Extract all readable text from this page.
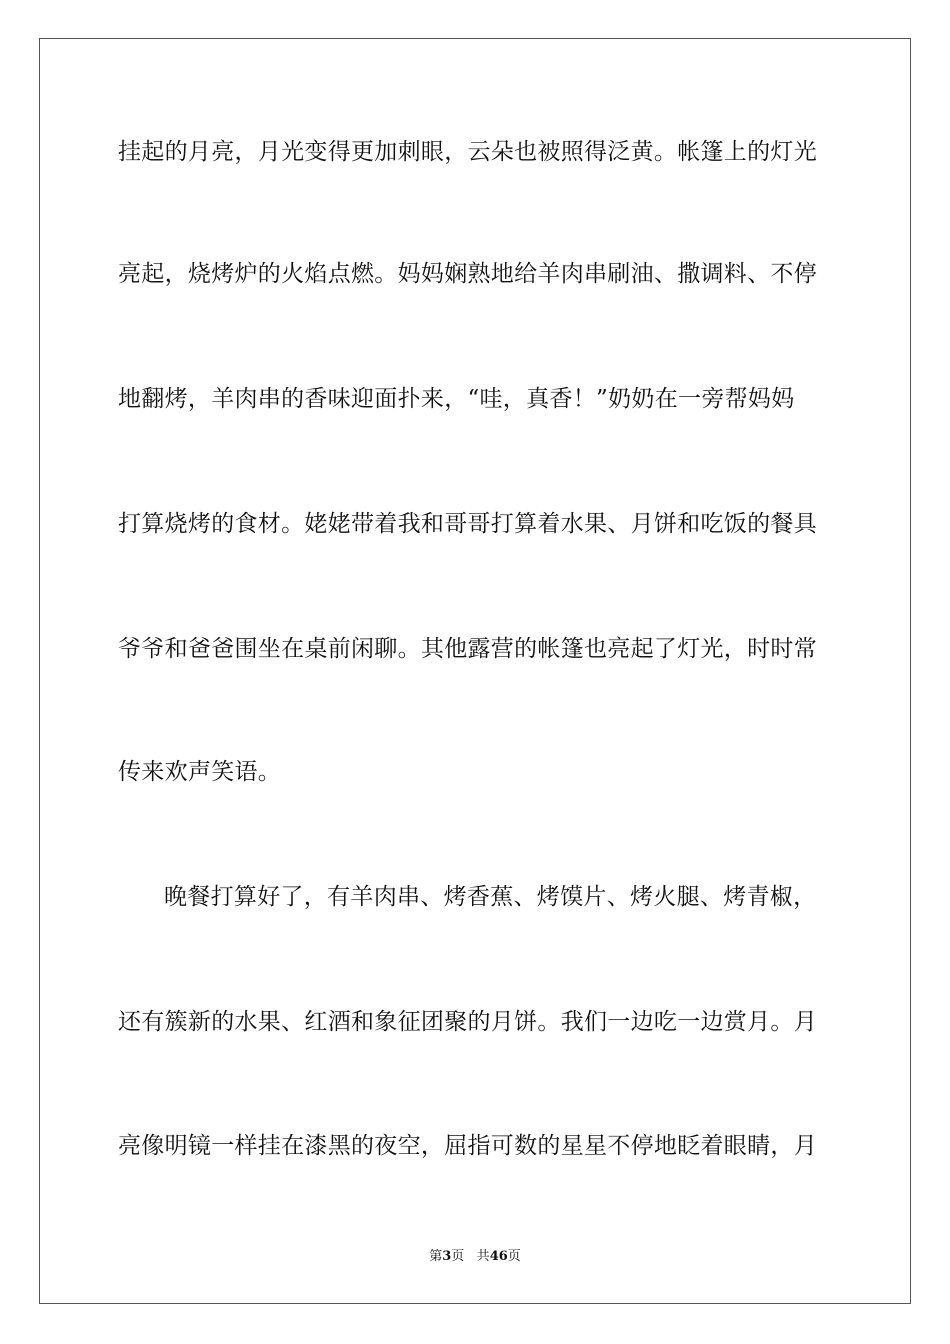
挂起的月亮，月光变得更加刺眼，云朵也被照得泛黄。帐篷上的灯光
亮起，烧烤炉的火焰点燃。妈妈娴熟地给羊肉串刷油、撒调料、不停
地翻烤，羊肉串的香味迎面扑来，“哇，真香！”奶奶在一旁帮妈妈
打算烧烤的食材。姥姥带着我和哥哥打算着水果、月饼和吃饭的餐具
爷爷和爸爸围坐在桌前闲聊。其他露营的帐篷也亮起了灯光，时时常
传来欢声笑语。
晚餐打算好了，有羊肉串、烤香蕉、烤馍片、烤火腿、烤青椒，
还有簇新的水果、红酒和象征团聚的月饼。我们一边吃一边赏月。月
亮像明镜一样挂在漆黑的夜空，屈指可数的星星不停地眨着眼睛，月
第3页 共46页
